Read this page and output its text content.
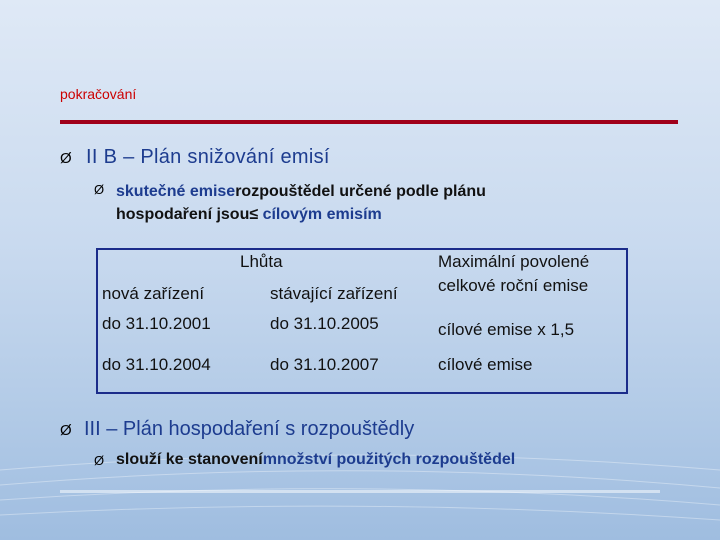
pokračování
Ø II B – Plán snižování emisí
Ø skutečné emiserozpouštědel určené podle plánu
hospodaření jsou≤ cílovým emisím
Lhůta	Maximální povolené
celkové roční emise
nová zařízení	stávající zařízení
do 31.10.2001	do 31.10.2005	cílové emise x 1,5
do 31.10.2004	do 31.10.2007	cílové emise
Ø III – Plán hospodaření s rozpouštědly
Ø slouží ke stanovenímnožství použitých rozpouštědel
